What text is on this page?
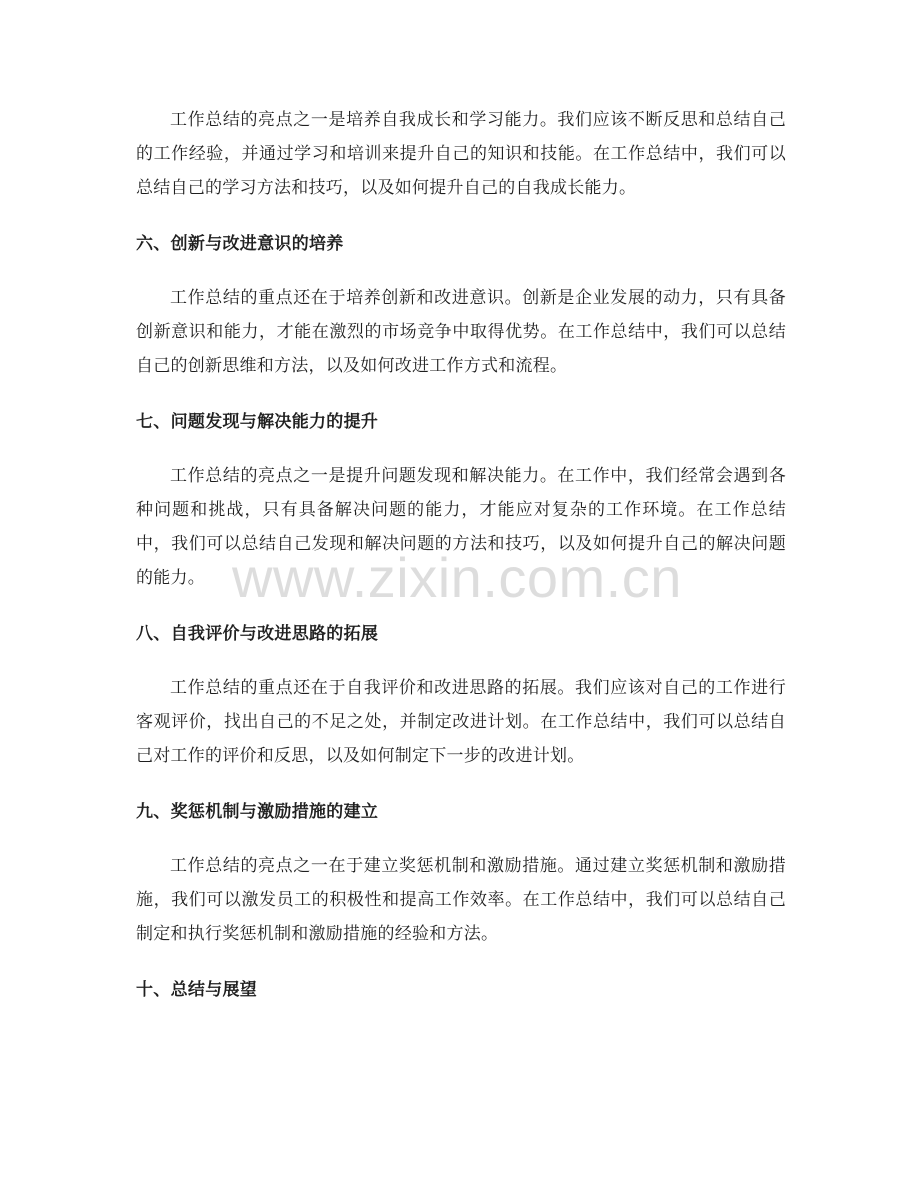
工作总结的亮点之一是培养自我成长和学习能力。我们应该不断反思和总结自己的工作经验，并通过学习和培训来提升自己的知识和技能。在工作总结中，我们可以总结自己的学习方法和技巧，以及如何提升自己的自我成长能力。

六、创新与改进意识的培养

工作总结的重点还在于培养创新和改进意识。创新是企业发展的动力，只有具备创新意识和能力，才能在激烈的市场竞争中取得优势。在工作总结中，我们可以总结自己的创新思维和方法，以及如何改进工作方式和流程。

七、问题发现与解决能力的提升

工作总结的亮点之一是提升问题发现和解决能力。在工作中，我们经常会遇到各种问题和挑战，只有具备解决问题的能力，才能应对复杂的工作环境。在工作总结中，我们可以总结自己发现和解决问题的方法和技巧，以及如何提升自己的解决问题的能力。

八、自我评价与改进思路的拓展

工作总结的重点还在于自我评价和改进思路的拓展。我们应该对自己的工作进行客观评价，找出自己的不足之处，并制定改进计划。在工作总结中，我们可以总结自己对工作的评价和反思，以及如何制定下一步的改进计划。

九、奖惩机制与激励措施的建立

工作总结的亮点之一在于建立奖惩机制和激励措施。通过建立奖惩机制和激励措施，我们可以激发员工的积极性和提高工作效率。在工作总结中，我们可以总结自己制定和执行奖惩机制和激励措施的经验和方法。

十、总结与展望
www.zixin.com.cn
